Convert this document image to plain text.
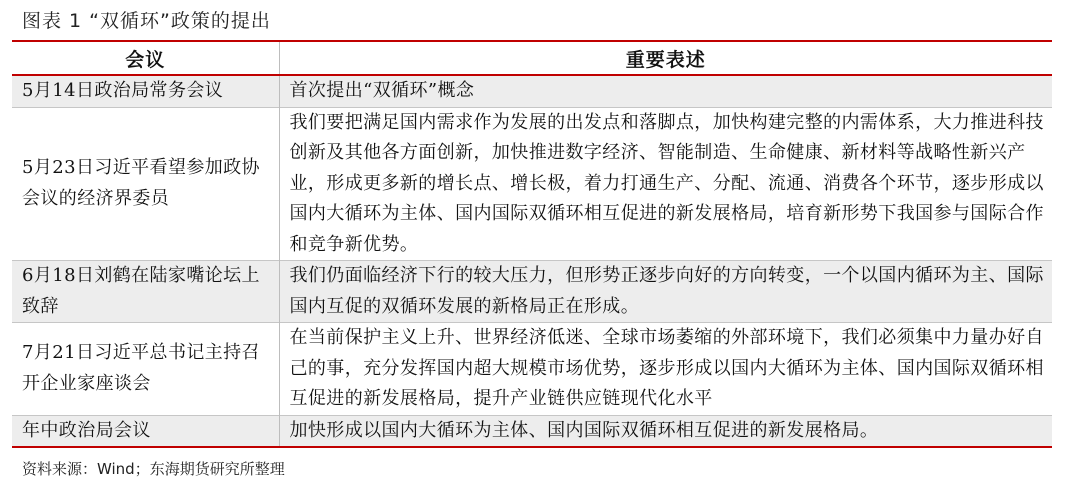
图表 1 “双循环”政策的提出
会议	重要表述
5月14日政治局常务会议	首次提出“双循环”概念
5月23日习近平看望参加政协会议的经济界委员	我们要把满足国内需求作为发展的出发点和落脚点，加快构建完整的内需体系，大力推进科技创新及其他各方面创新，加快推进数字经济、智能制造、生命健康、新材料等战略性新兴产业，形成更多新的增长点、增长极，着力打通生产、分配、流通、消费各个环节，逐步形成以国内大循环为主体、国内国际双循环相互促进的新发展格局，培育新形势下我国参与国际合作和竞争新优势。
6月18日刘鹤在陆家嘴论坛上致辞	我们仍面临经济下行的较大压力，但形势正逐步向好的方向转变，一个以国内循环为主、国际国内互促的双循环发展的新格局正在形成。
7月21日习近平总书记主持召开企业家座谈会	在当前保护主义上升、世界经济低迷、全球市场萎缩的外部环境下，我们必须集中力量办好自己的事，充分发挥国内超大规模市场优势，逐步形成以国内大循环为主体、国内国际双循环相互促进的新发展格局，提升产业链供应链现代化水平
年中政治局会议	加快形成以国内大循环为主体、国内国际双循环相互促进的新发展格局。
资料来源：Wind；东海期货研究所整理
